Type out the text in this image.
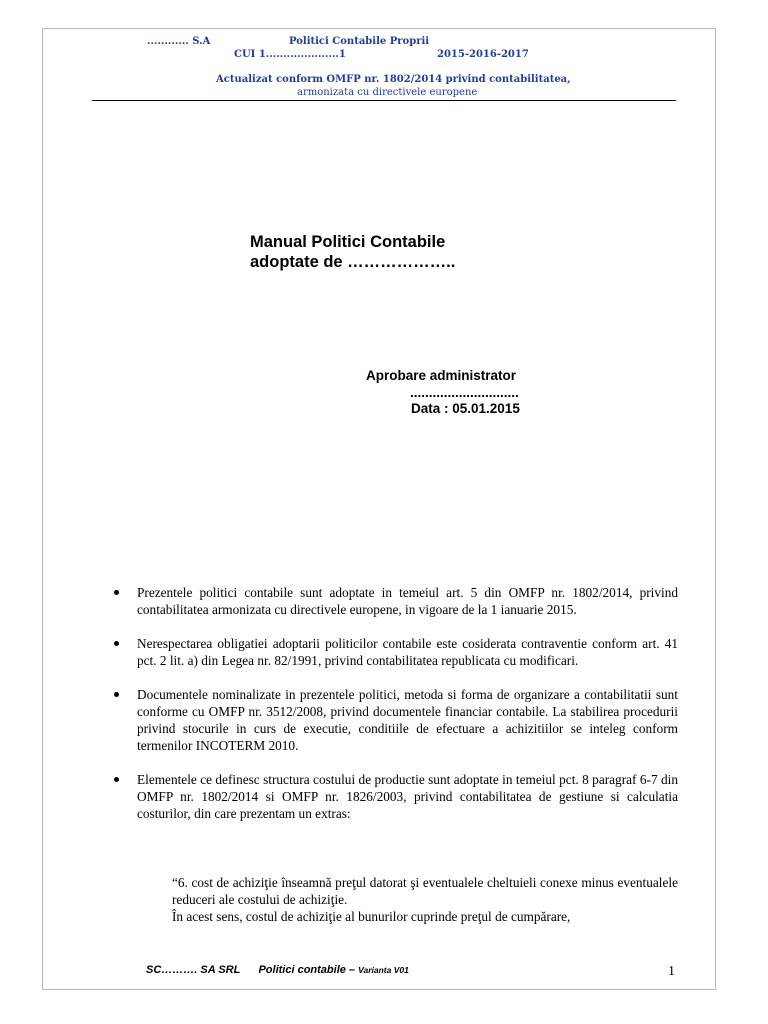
............ S.A	Politici Contabile Proprii
CUI 1.....................1	2015-2016-2017
Actualizat conform OMFP nr. 1802/2014 privind contabilitatea,
armonizata cu directivele europene
Manual Politici Contabile
adoptate de ………………..
Aprobare administrator
.............................
Data : 05.01.2015
Prezentele politici contabile sunt adoptate in temeiul art. 5 din OMFP nr. 1802/2014, privind contabilitatea armonizata cu directivele europene, in vigoare de la 1 ianuarie 2015.
Nerespectarea obligatiei adoptarii politicilor contabile este cosiderata contraventie conform art. 41 pct. 2 lit. a) din Legea nr. 82/1991, privind contabilitatea republicata cu modificari.
Documentele nominalizate in prezentele politici, metoda si forma de organizare a contabilitatii sunt conforme cu OMFP nr. 3512/2008, privind documentele financiar contabile. La stabilirea procedurii privind stocurile in curs de executie, conditiile de efectuare a achizitiilor se inteleg conform termenilor INCOTERM 2010.
Elementele ce definesc structura costului de productie sunt adoptate in temeiul pct. 8 paragraf 6-7 din OMFP nr. 1802/2014 si OMFP nr. 1826/2003, privind contabilitatea de gestiune si calculatia costurilor, din care prezentam un extras:

“6. cost de achiziţie înseamnă preţul datorat şi eventualele cheltuieli conexe minus eventualele reduceri ale costului de achiziţie.

În acest sens, costul de achiziţie al bunurilor cuprinde preţul de cumpărare,

SC………. SA SRL Politici contabile – Varianta V01	1
